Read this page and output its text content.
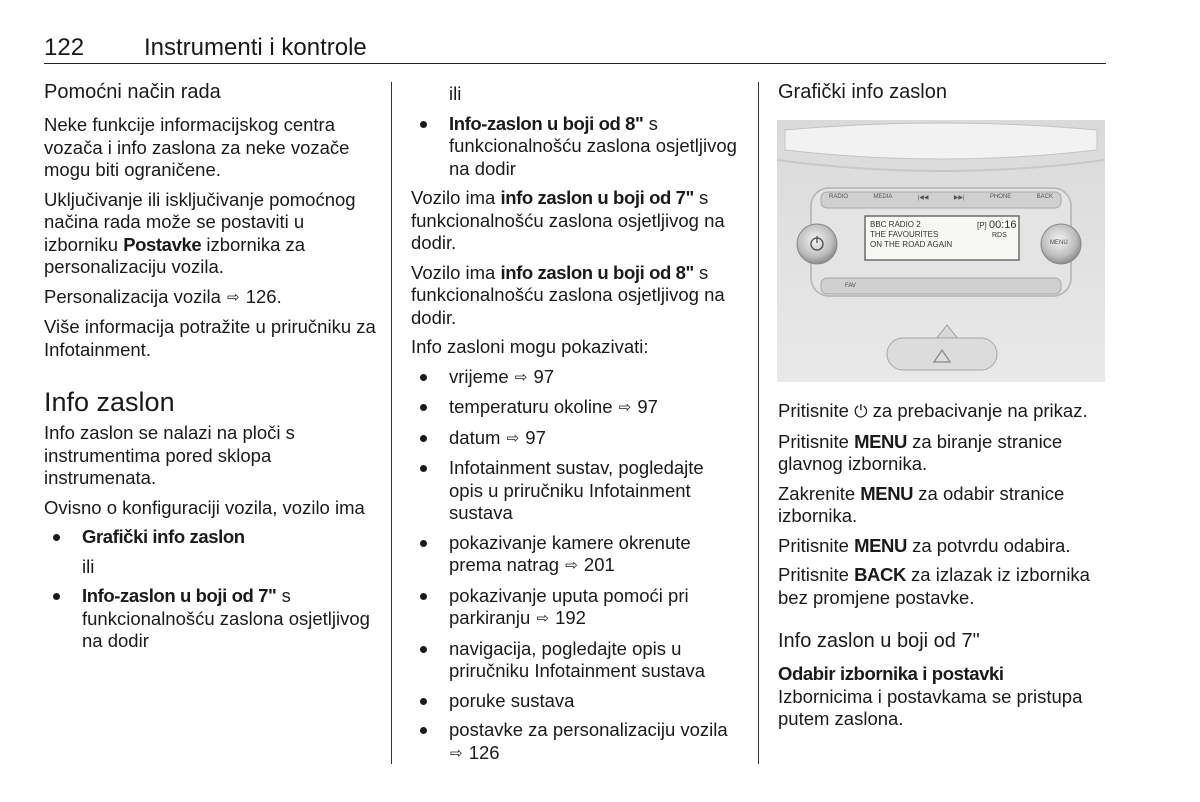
122 Instrumenti i kontrole
Pomoćni način rada

Neke funkcije informacijskog centra vozača i info zaslona za neke vozače mogu biti ograničene.

Uključivanje ili isključivanje pomoćnog načina rada može se postaviti u izborniku Postavke izbornika za personalizaciju vozila.

Personalizacija vozila ⇨ 126.

Više informacija potražite u priručniku za Infotainment.

Info zaslon

Info zaslon se nalazi na ploči s instrumentima pored sklopa instrumenata.

Ovisno o konfiguraciji vozila, vozilo ima

Grafički info zaslon
ili
Info-zaslon u boji od 7" s funkcionalnošću zaslona osjetljivog na dodir
ili
Info-zaslon u boji od 8" s funkcionalnošću zaslona osjetljivog na dodir

Vozilo ima info zaslon u boji od 7" s funkcionalnošću zaslona osjetljivog na dodir.

Vozilo ima info zaslon u boji od 8" s funkcionalnošću zaslona osjetljivog na dodir.

Info zasloni mogu pokazivati:

vrijeme ⇨ 97
temperaturu okoline ⇨ 97
datum ⇨ 97
Infotainment sustav, pogledajte opis u priručniku Infotainment sustava
pokazivanje kamere okrenute prema natrag ⇨ 201
pokazivanje uputa pomoći pri parkiranju ⇨ 192
navigacija, pogledajte opis u priručniku Infotainment sustava
poruke sustava
postavke za personalizaciju vozila ⇨ 126
Grafički info zaslon
RADIO	MEDIA	|◀◀	▶▶|	PHONE	BACK
BBC RADIO 2
THE FAVOURITES
ON THE ROAD AGAIN
[P] 00:16
RDS
MENU
FAV

Pritisnite ⏻ za prebacivanje na prikaz.

Pritisnite MENU za biranje stranice glavnog izbornika.

Zakrenite MENU za odabir stranice izbornika.

Pritisnite MENU za potvrdu odabira.

Pritisnite BACK za izlazak iz izbornika bez promjene postavke.

Info zaslon u boji od 7"
Odabir izbornika i postavki

Izbornicima i postavkama se pristupa putem zaslona.
